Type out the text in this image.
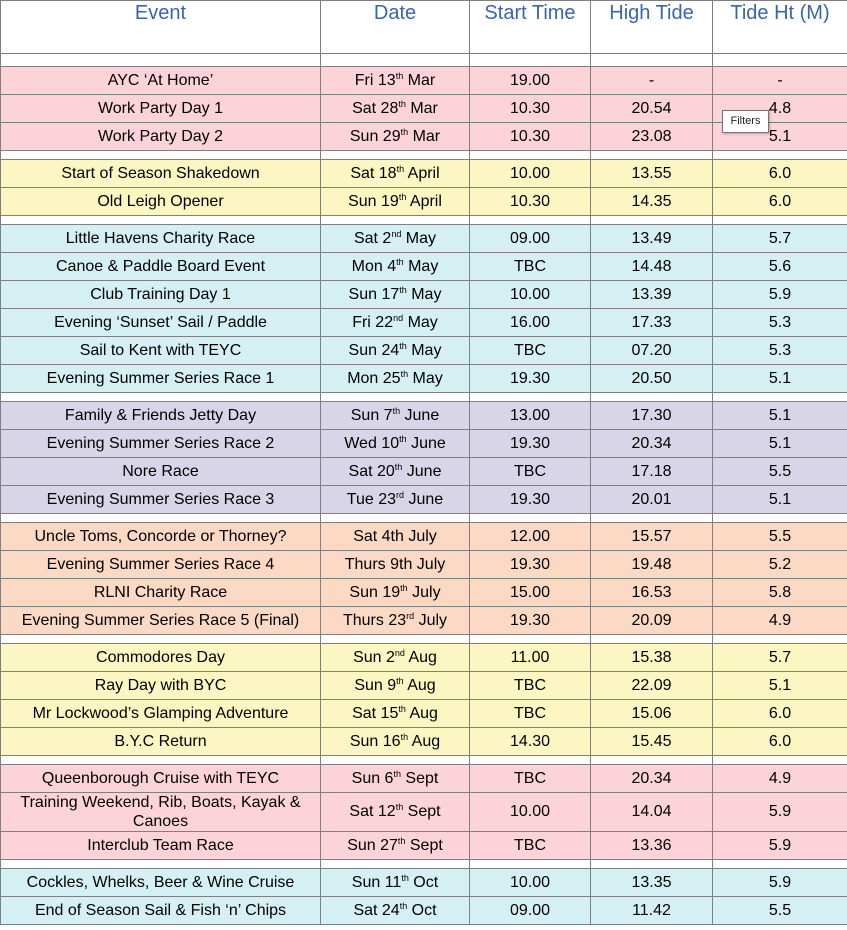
Event	Date	Start Time	High Tide	Tide Ht (M)

AYC ‘At Home’	Fri 13th Mar	19.00	-	-
Work Party Day 1	Sat 28th Mar	10.30	20.54	4.8
Work Party Day 2	Sun 29th Mar	10.30	23.08	5.1

Start of Season Shakedown	Sat 18th April	10.00	13.55	6.0
Old Leigh Opener	Sun 19th April	10.30	14.35	6.0

Little Havens Charity Race	Sat 2nd May	09.00	13.49	5.7
Canoe & Paddle Board Event	Mon 4th May	TBC	14.48	5.6
Club Training Day 1	Sun 17th May	10.00	13.39	5.9
Evening ‘Sunset’ Sail / Paddle	Fri 22nd May	16.00	17.33	5.3
Sail to Kent with TEYC	Sun 24th May	TBC	07.20	5.3
Evening Summer Series Race 1	Mon 25th May	19.30	20.50	5.1

Family & Friends Jetty Day	Sun 7th June	13.00	17.30	5.1
Evening Summer Series Race 2	Wed 10th June	19.30	20.34	5.1
Nore Race	Sat 20th June	TBC	17.18	5.5
Evening Summer Series Race 3	Tue 23rd June	19.30	20.01	5.1

Uncle Toms, Concorde or Thorney?	Sat 4th July	12.00	15.57	5.5
Evening Summer Series Race 4	Thurs 9th July	19.30	19.48	5.2
RLNI Charity Race	Sun 19th July	15.00	16.53	5.8
Evening Summer Series Race 5 (Final)	Thurs 23rd July	19.30	20.09	4.9

Commodores Day	Sun 2nd Aug	11.00	15.38	5.7
Ray Day with BYC	Sun 9th Aug	TBC	22.09	5.1
Mr Lockwood’s Glamping Adventure	Sat 15th Aug	TBC	15.06	6.0
B.Y.C Return	Sun 16th Aug	14.30	15.45	6.0

Queenborough Cruise with TEYC	Sun 6th Sept	TBC	20.34	4.9
Training Weekend, Rib, Boats, Kayak & Canoes	Sat 12th Sept	10.00	14.04	5.9
Interclub Team Race	Sun 27th Sept	TBC	13.36	5.9

Cockles, Whelks, Beer & Wine Cruise	Sun 11th Oct	10.00	13.35	5.9
End of Season Sail & Fish ‘n’ Chips	Sat 24th Oct	09.00	11.42	5.5
Filters
